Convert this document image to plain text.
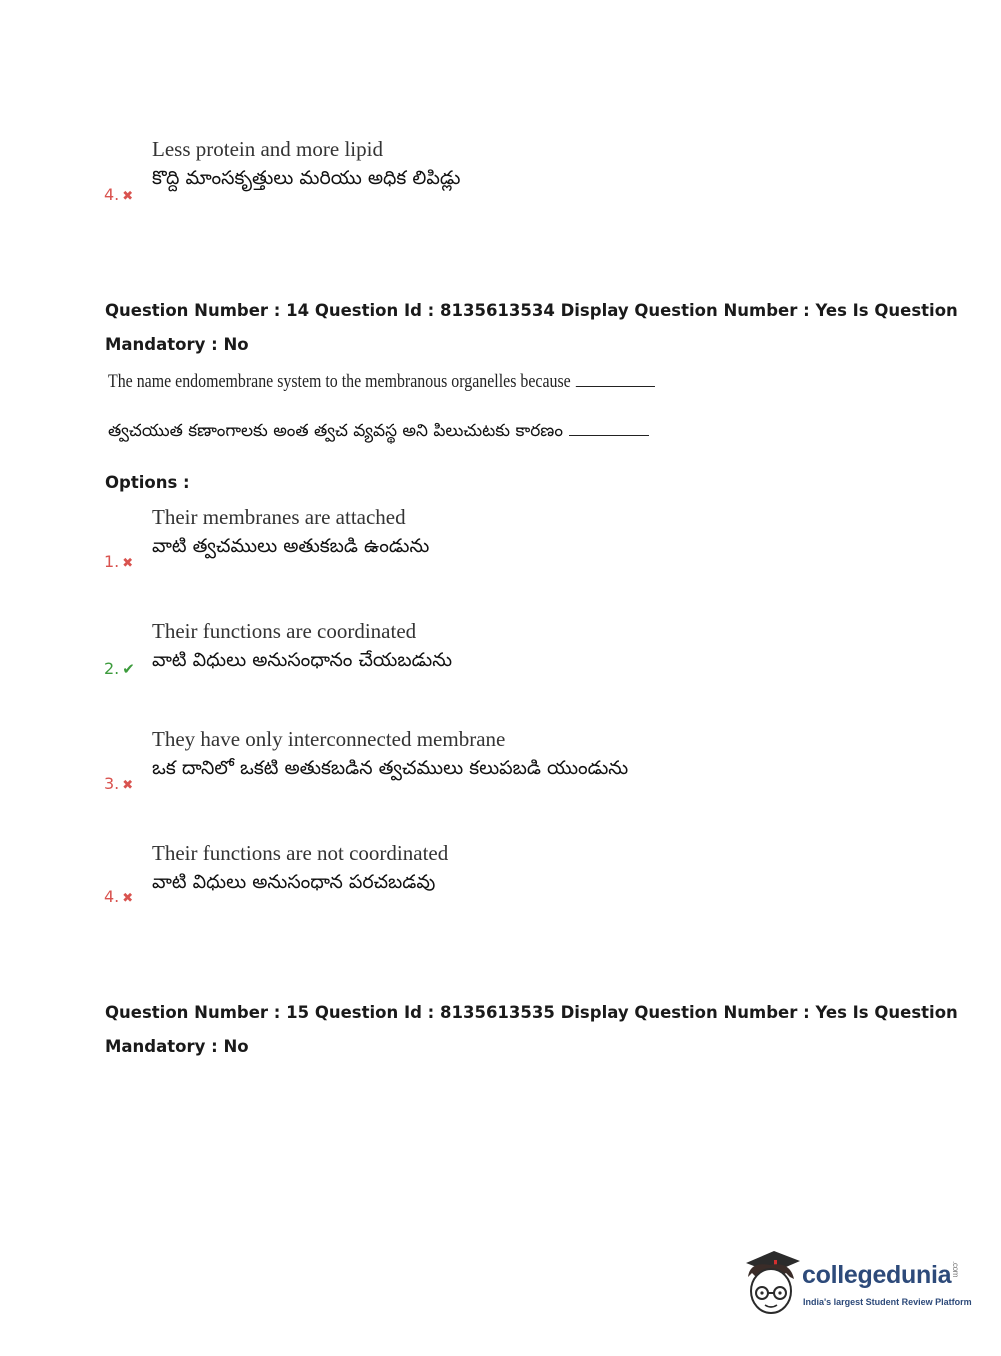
Less protein and more lipid
కొద్ది మాంసకృత్తులు మరియు అధిక లిపిడ్లు
4. ✖
Question Number : 14 Question Id : 8135613534 Display Question Number : Yes Is Question
Mandatory : No
The name endomembrane system to the membranous organelles because
త్వచయుత కణాంగాలకు అంత త్వచ వ్యవస్థ అని పిలుచుటకు కారణం
Options :
Their membranes are attached
వాటి త్వచములు అతుకబడి ఉండును
1. ✖
Their functions are coordinated
వాటి విధులు అనుసంధానం చేయబడును
2. ✔
They have only interconnected membrane
ఒక దానిలో ఒకటి అతుకబడిన త్వచములు కలుపబడి యుండును
3. ✖
Their functions are not coordinated
వాటి విధులు అనుసంధాన పరచబడవు
4. ✖
Question Number : 15 Question Id : 8135613535 Display Question Number : Yes Is Question
Mandatory : No
collegedunia.com
India's largest Student Review Platform
